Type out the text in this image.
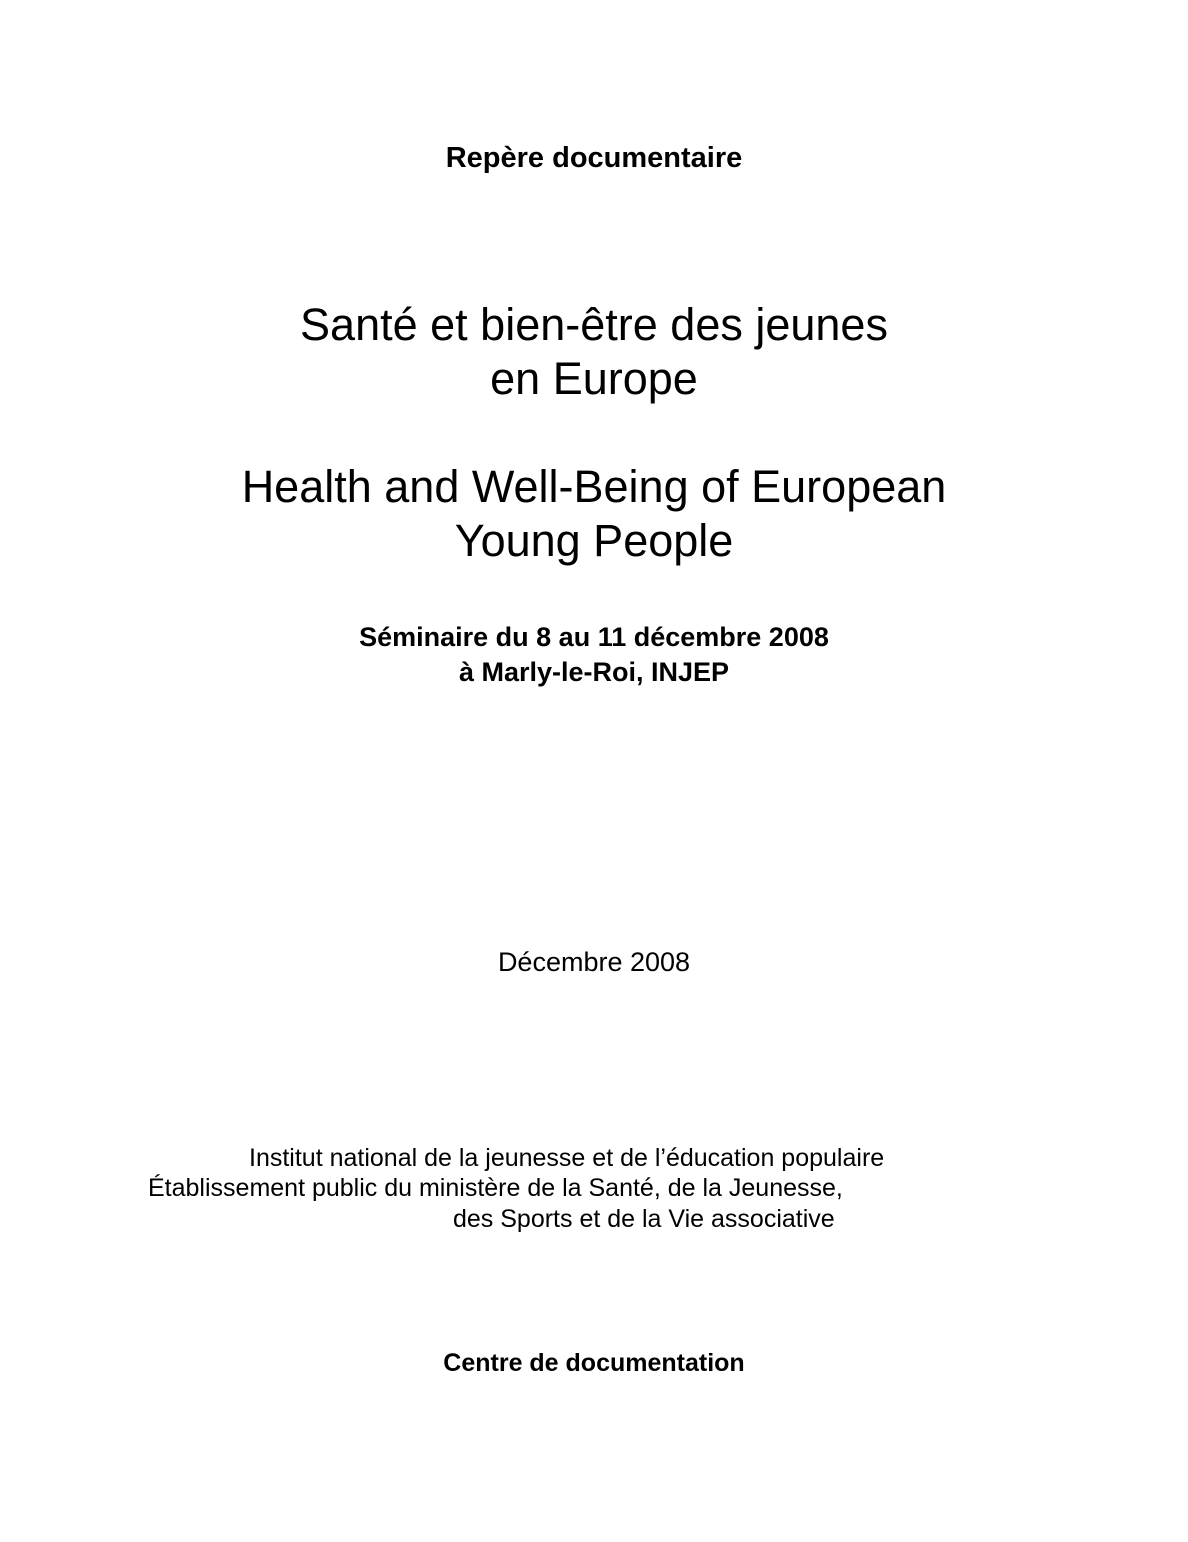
Repère documentaire

Santé et bien-être des jeunes
en Europe
Health and Well-Being of European
Young People
Séminaire du 8 au 11 décembre 2008
à Marly-le-Roi, INJEP

Décembre 2008

Institut national de la jeunesse et de l’éducation populaire

Établissement public du ministère de la Santé, de la Jeunesse,

des Sports et de la Vie associative

Centre de documentation
